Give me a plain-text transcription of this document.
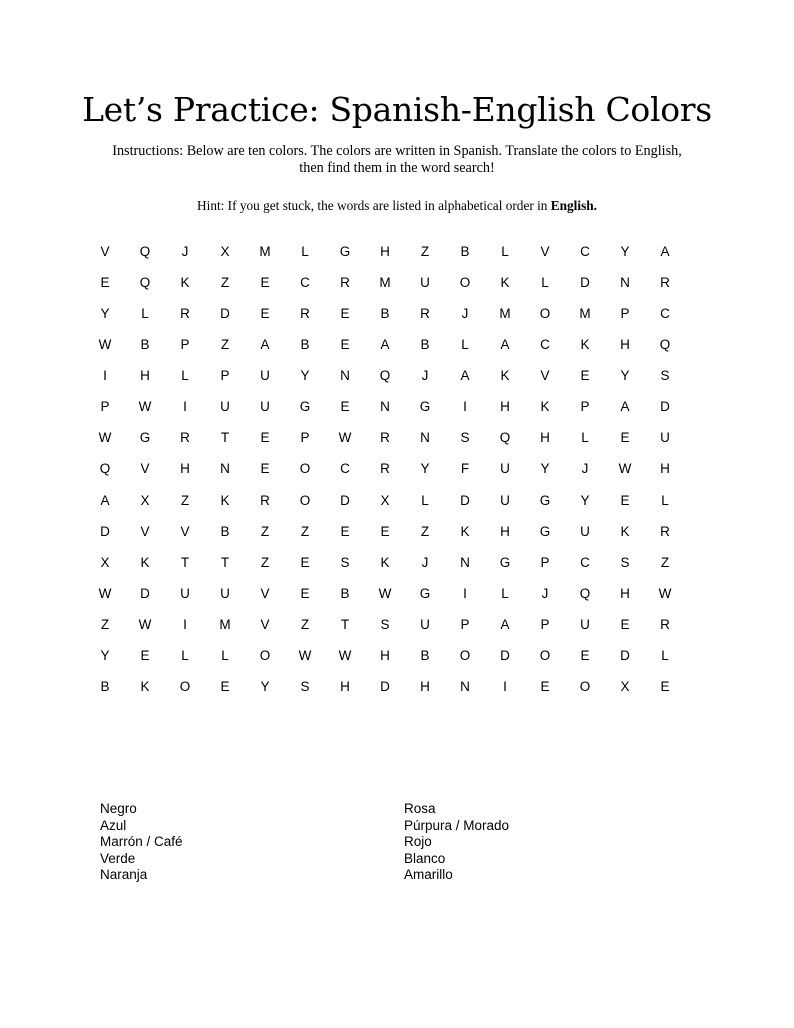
Let’s Practice: Spanish-English Colors

Instructions: Below are ten colors. The colors are written in Spanish. Translate the colors to English, then find them in the word search!

Hint: If you get stuck, the words are listed in alphabetical order in English.

V	Q	J	X	M	L	G	H	Z	B	L	V	C	Y	A
E	Q	K	Z	E	C	R	M	U	O	K	L	D	N	R
Y	L	R	D	E	R	E	B	R	J	M	O	M	P	C
W	B	P	Z	A	B	E	A	B	L	A	C	K	H	Q
I	H	L	P	U	Y	N	Q	J	A	K	V	E	Y	S
P	W	I	U	U	G	E	N	G	I	H	K	P	A	D
W	G	R	T	E	P	W	R	N	S	Q	H	L	E	U
Q	V	H	N	E	O	C	R	Y	F	U	Y	J	W	H
A	X	Z	K	R	O	D	X	L	D	U	G	Y	E	L
D	V	V	B	Z	Z	E	E	Z	K	H	G	U	K	R
X	K	T	T	Z	E	S	K	J	N	G	P	C	S	Z
W	D	U	U	V	E	B	W	G	I	L	J	Q	H	W
Z	W	I	M	V	Z	T	S	U	P	A	P	U	E	R
Y	E	L	L	O	W	W	H	B	O	D	O	E	D	L
B	K	O	E	Y	S	H	D	H	N	I	E	O	X	E
Negro
Azul
Marrón / Café
Verde
Naranja
Rosa
Púrpura / Morado
Rojo
Blanco
Amarillo
